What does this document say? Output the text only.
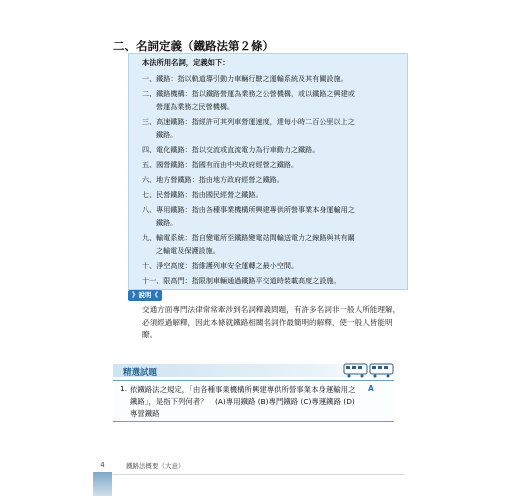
二、名詞定義（鐵路法第２條）
本法所用名詞，定義如下：
一、鐵路：指以軌道導引動力車輛行駛之運輸系統及其有關設施。
二、鐵路機構：指以鐵路營運為業務之公營機構，或以鐵路之興建或
營運為業務之民營機構。
三、高速鐵路：指經許可其列車營運速度，達每小時二百公里以上之
鐵路。
四、電化鐵路：指以交流或直流電力為行車動力之鐵路。
五、國營鐵路：指國有而由中央政府經營之鐵路。
六、地方營鐵路：指由地方政府經營之鐵路。
七、民營鐵路：指由國民經營之鐵路。
八、專用鐵路：指由各種事業機構所興建專供所營事業本身運輸用之
鐵路。
九、輸電系統：指自變電所至鐵路變電站間輸送電力之線路與其有關
之輸電及保護設施。
十、淨空高度：指維護列車安全運轉之最小空間。
十一、限高門：指限制車輛通過鐵路平交道時裝載高度之設施。
》說明《
交通方面專門法律常常牽涉到名詞釋義問題，有許多名詞非一般人所能理解，必須經過解釋，因此本條就鐵路相關名詞作最簡明的解釋，使一般人皆能明瞭。
精選試題
1. 依鐵路法之規定，「由各種事業機構所興建專供所營事業本身運輸用之鐵路」，是指下列何者？　(A)專用鐵路 (B)專門鐵路 (C)專運鐵路 (D)專營鐵路
A
鐵路法概要（大意）
4
